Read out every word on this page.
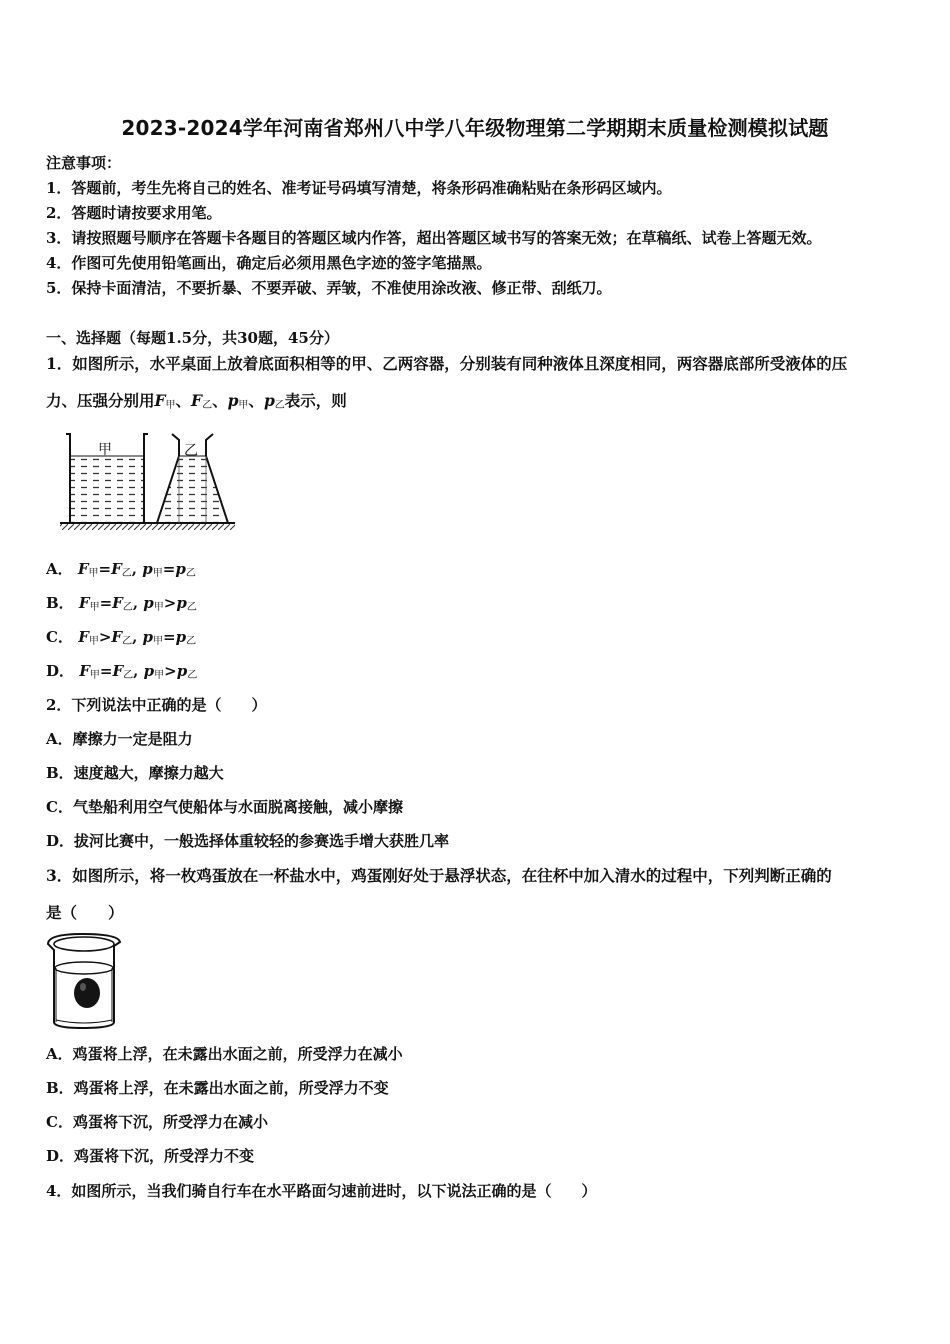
2023-2024学年河南省郑州八中学八年级物理第二学期期末质量检测模拟试题
注意事项：
1．答题前，考生先将自己的姓名、准考证号码填写清楚，将条形码准确粘贴在条形码区域内。
2．答题时请按要求用笔。
3．请按照题号顺序在答题卡各题目的答题区域内作答，超出答题区域书写的答案无效；在草稿纸、试卷上答题无效。
4．作图可先使用铅笔画出，确定后必须用黑色字迹的签字笔描黑。
5．保持卡面清洁，不要折暴、不要弄破、弄皱，不准使用涂改液、修正带、刮纸刀。
一、选择题（每题1.5分，共30题，45分）
1．如图所示，水平桌面上放着底面积相等的甲、乙两容器，分别装有同种液体且深度相同，两容器底部所受液体的压
力、压强分别用$F_甲$、$F_乙$、$p_甲$、$p_乙$表示，则
甲	乙
A． $F_甲=F_乙$, $p_甲=p_乙$
B． $F_甲=F_乙$, $p_甲>p_乙$
C． $F_甲>F_乙$, $p_甲=p_乙$
D． $F_甲=F_乙$, $p_甲>p_乙$
2．下列说法中正确的是（　　）
A．摩擦力一定是阻力
B．速度越大，摩擦力越大
C．气垫船利用空气使船体与水面脱离接触，减小摩擦
D．拔河比赛中，一般选择体重较轻的参赛选手增大获胜几率
3．如图所示，将一枚鸡蛋放在一杯盐水中，鸡蛋刚好处于悬浮状态，在往杯中加入清水的过程中，下列判断正确的
是（　　）
A．鸡蛋将上浮，在未露出水面之前，所受浮力在减小
B．鸡蛋将上浮，在未露出水面之前，所受浮力不变
C．鸡蛋将下沉，所受浮力在减小
D．鸡蛋将下沉，所受浮力不变
4．如图所示，当我们骑自行车在水平路面匀速前进时，以下说法正确的是（　　）
